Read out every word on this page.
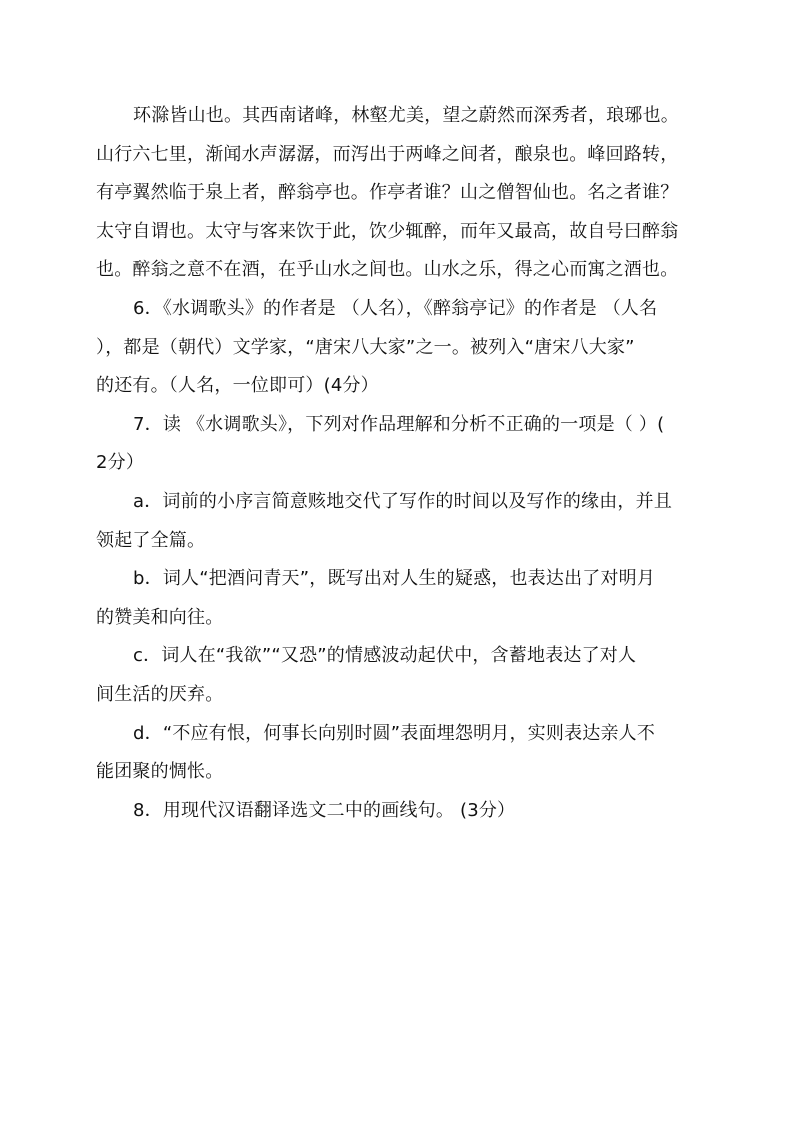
环滁皆山也。其西南诸峰，林壑尤美，望之蔚然而深秀者，琅琊也。
山行六七里，渐闻水声潺潺，而泻出于两峰之间者，酿泉也。峰回路转，
有亭翼然临于泉上者，醉翁亭也。作亭者谁？山之僧智仙也。名之者谁？
太守自谓也。太守与客来饮于此，饮少辄醉，而年又最高，故自号曰醉翁
也。醉翁之意不在酒，在乎山水之间也。山水之乐，得之心而寓之酒也。
6．《水调歌头》的作者是 （人名），《醉翁亭记》的作者是 （人名
），都是（朝代）文学家，“唐宋八大家”之一。被列入“唐宋八大家”
的还有。（人名，一位即可）(4分）
7．读 《水调歌头》，下列对作品理解和分析不正确的一项是（ ）(
2分）
a．词前的小序言简意赅地交代了写作的时间以及写作的缘由，并且
领起了全篇。
b．词人“把酒问青天”，既写出对人生的疑惑，也表达出了对明月
的赞美和向往。
c．词人在“我欲”“又恐”的情感波动起伏中，含蓄地表达了对人
间生活的厌弃。
d．“不应有恨，何事长向别时圆”表面埋怨明月，实则表达亲人不
能团聚的惆怅。
8．用现代汉语翻译选文二中的画线句。 (3分）
